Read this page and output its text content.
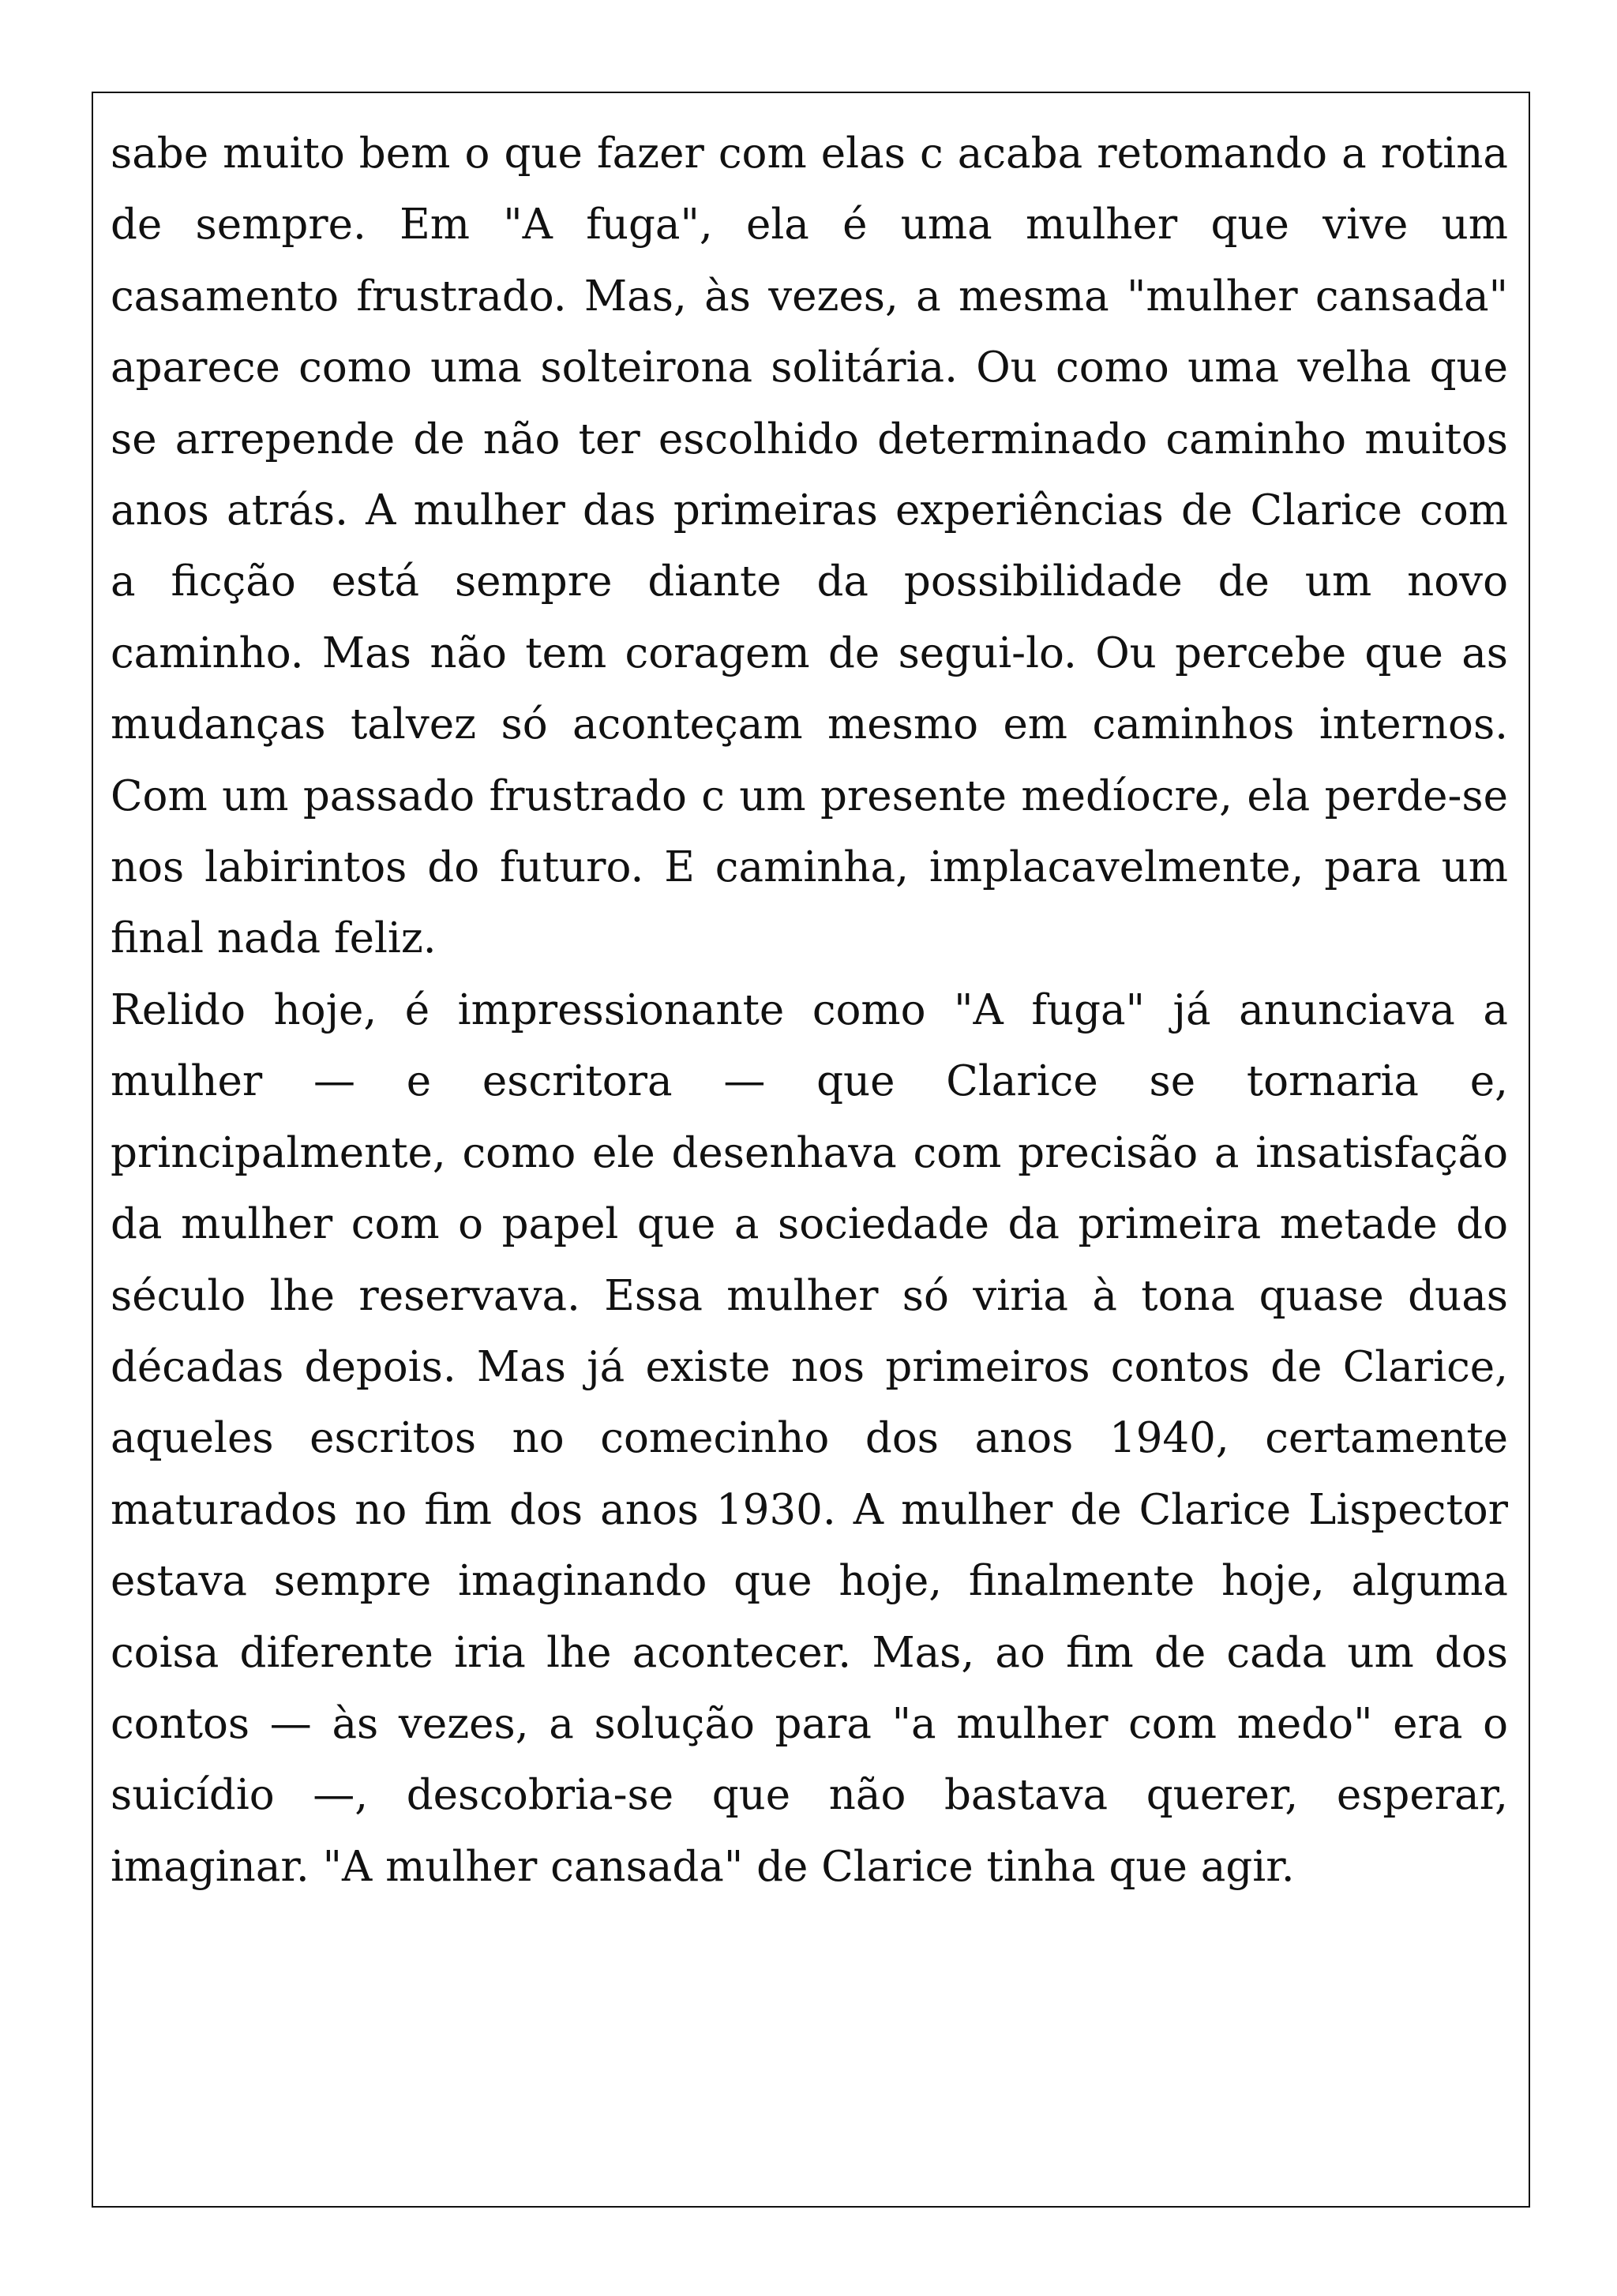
sabe muito bem o que fazer com elas c acaba retomando a rotina de sempre. Em "A fuga", ela é uma mulher que vive um casamento frustrado. Mas, às vezes, a mesma "mulher cansada" aparece como uma solteirona solitária. Ou como uma velha que se arrepende de não ter escolhido determinado caminho muitos anos atrás. A mulher das primeiras experiências de Clarice com a ficção está sempre diante da possibilidade de um novo caminho. Mas não tem coragem de segui-lo. Ou percebe que as mudanças talvez só aconteçam mesmo em caminhos internos. Com um passado frustrado c um presente medíocre, ela perde-se nos labirintos do futuro. E caminha, implacavelmente, para um final nada feliz.

Relido hoje, é impressionante como "A fuga" já anunciava a mulher — e escritora — que Clarice se tornaria e, principalmente, como ele desenhava com precisão a insatisfação da mulher com o papel que a sociedade da primeira metade do século lhe reservava. Essa mulher só viria à tona quase duas décadas depois. Mas já existe nos primeiros contos de Clarice, aqueles escritos no comecinho dos anos 1940, certamente maturados no fim dos anos 1930. A mulher de Clarice Lispector estava sempre imaginando que hoje, finalmente hoje, alguma coisa diferente iria lhe acontecer. Mas, ao fim de cada um dos contos — às vezes, a solução para "a mulher com medo" era o suicídio —, descobria-se que não bastava querer, esperar, imaginar. "A mulher cansada" de Clarice tinha que agir.
